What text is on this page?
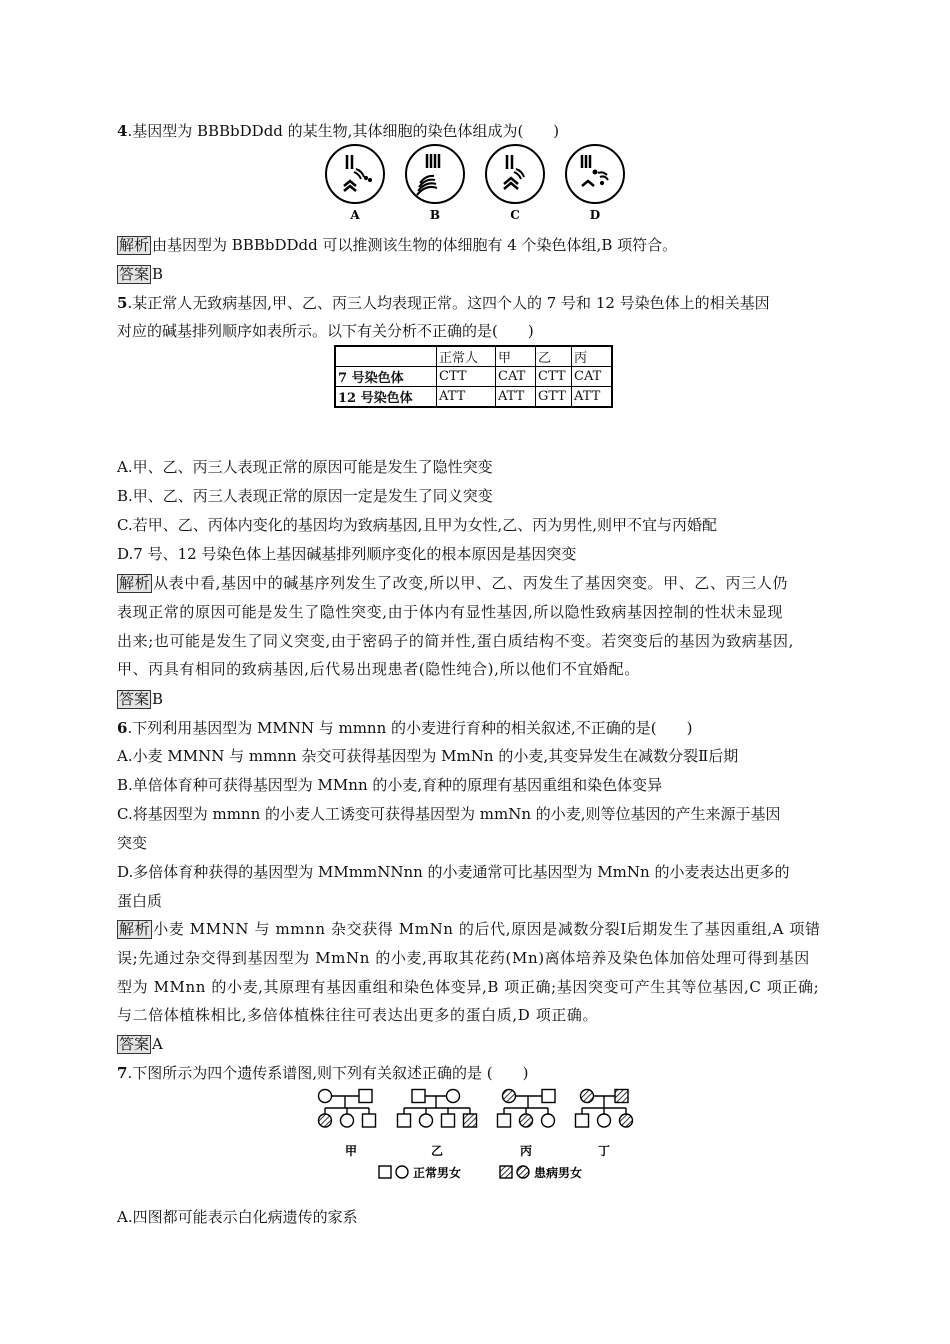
4.基因型为 BBBbDDdd 的某生物,其体细胞的染色体组成为(　　)
A	B	C	D
解析 由基因型为 BBBbDDdd 可以推测该生物的体细胞有 4 个染色体组,B 项符合。
答案 B
5.某正常人无致病基因,甲、乙、丙三人均表现正常。这四个人的 7 号和 12 号染色体上的相关基因
对应的碱基排列顺序如表所示。以下有关分析不正确的是(　　)
	正常人	甲	乙	丙
7 号染色体	CTT	CAT	CTT	CAT
12 号染色体	ATT	ATT	GTT	ATT
A.甲、乙、丙三人表现正常的原因可能是发生了隐性突变
B.甲、乙、丙三人表现正常的原因一定是发生了同义突变
C.若甲、乙、丙体内变化的基因均为致病基因,且甲为女性,乙、丙为男性,则甲不宜与丙婚配
D.7 号、12 号染色体上基因碱基排列顺序变化的根本原因是基因突变
解析 从表中看,基因中的碱基序列发生了改变,所以甲、乙、丙发生了基因突变。甲、乙、丙三人仍
表现正常的原因可能是发生了隐性突变,由于体内有显性基因,所以隐性致病基因控制的性状未显现
出来;也可能是发生了同义突变,由于密码子的简并性,蛋白质结构不变。若突变后的基因为致病基因,
甲、丙具有相同的致病基因,后代易出现患者(隐性纯合),所以他们不宜婚配。
答案 B
6.下列利用基因型为 MMNN 与 mmnn 的小麦进行育种的相关叙述,不正确的是(　　)
A.小麦 MMNN 与 mmnn 杂交可获得基因型为 MmNn 的小麦,其变异发生在减数分裂Ⅱ后期
B.单倍体育种可获得基因型为 MMnn 的小麦,育种的原理有基因重组和染色体变异
C.将基因型为 mmnn 的小麦人工诱变可获得基因型为 mmNn 的小麦,则等位基因的产生来源于基因
突变
D.多倍体育种获得的基因型为 MMmmNNnn 的小麦通常可比基因型为 MmNn 的小麦表达出更多的
蛋白质
解析 小麦 MMNN 与 mmnn 杂交获得 MmNn 的后代,原因是减数分裂Ⅰ后期发生了基因重组,A 项错
误;先通过杂交得到基因型为 MmNn 的小麦,再取其花药(Mn)离体培养及染色体加倍处理可得到基因
型为 MMnn 的小麦,其原理有基因重组和染色体变异,B 项正确;基因突变可产生其等位基因,C 项正确;
与二倍体植株相比,多倍体植株往往可表达出更多的蛋白质,D 项正确。
答案 A
7.下图所示为四个遗传系谱图,则下列有关叙述正确的是 (　　)
甲	乙	丙	丁
正常男女	患病男女
A.四图都可能表示白化病遗传的家系
